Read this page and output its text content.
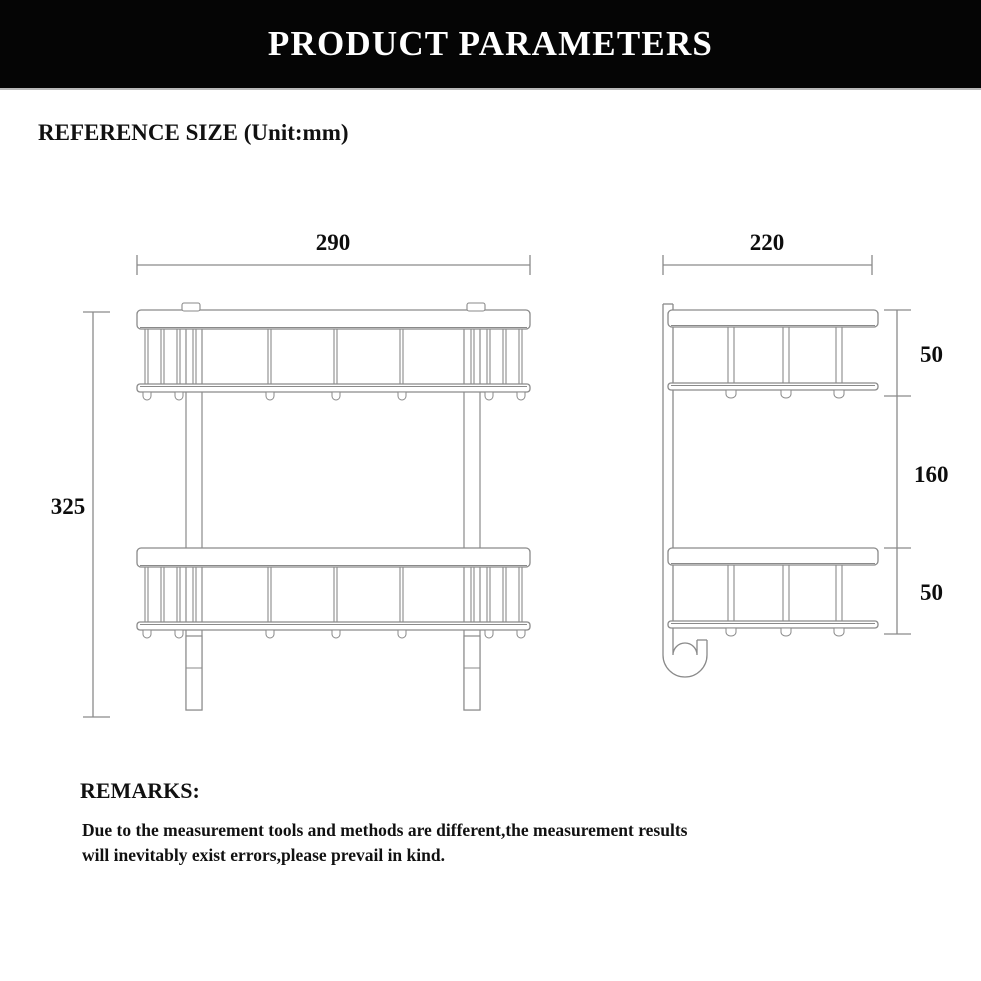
PRODUCT PARAMETERS
REFERENCE SIZE (Unit:mm)
290
325
220
50
160
50
REMARKS:

Due to the measurement tools and methods are different,the measurement results

will inevitably exist errors,please prevail in kind.
